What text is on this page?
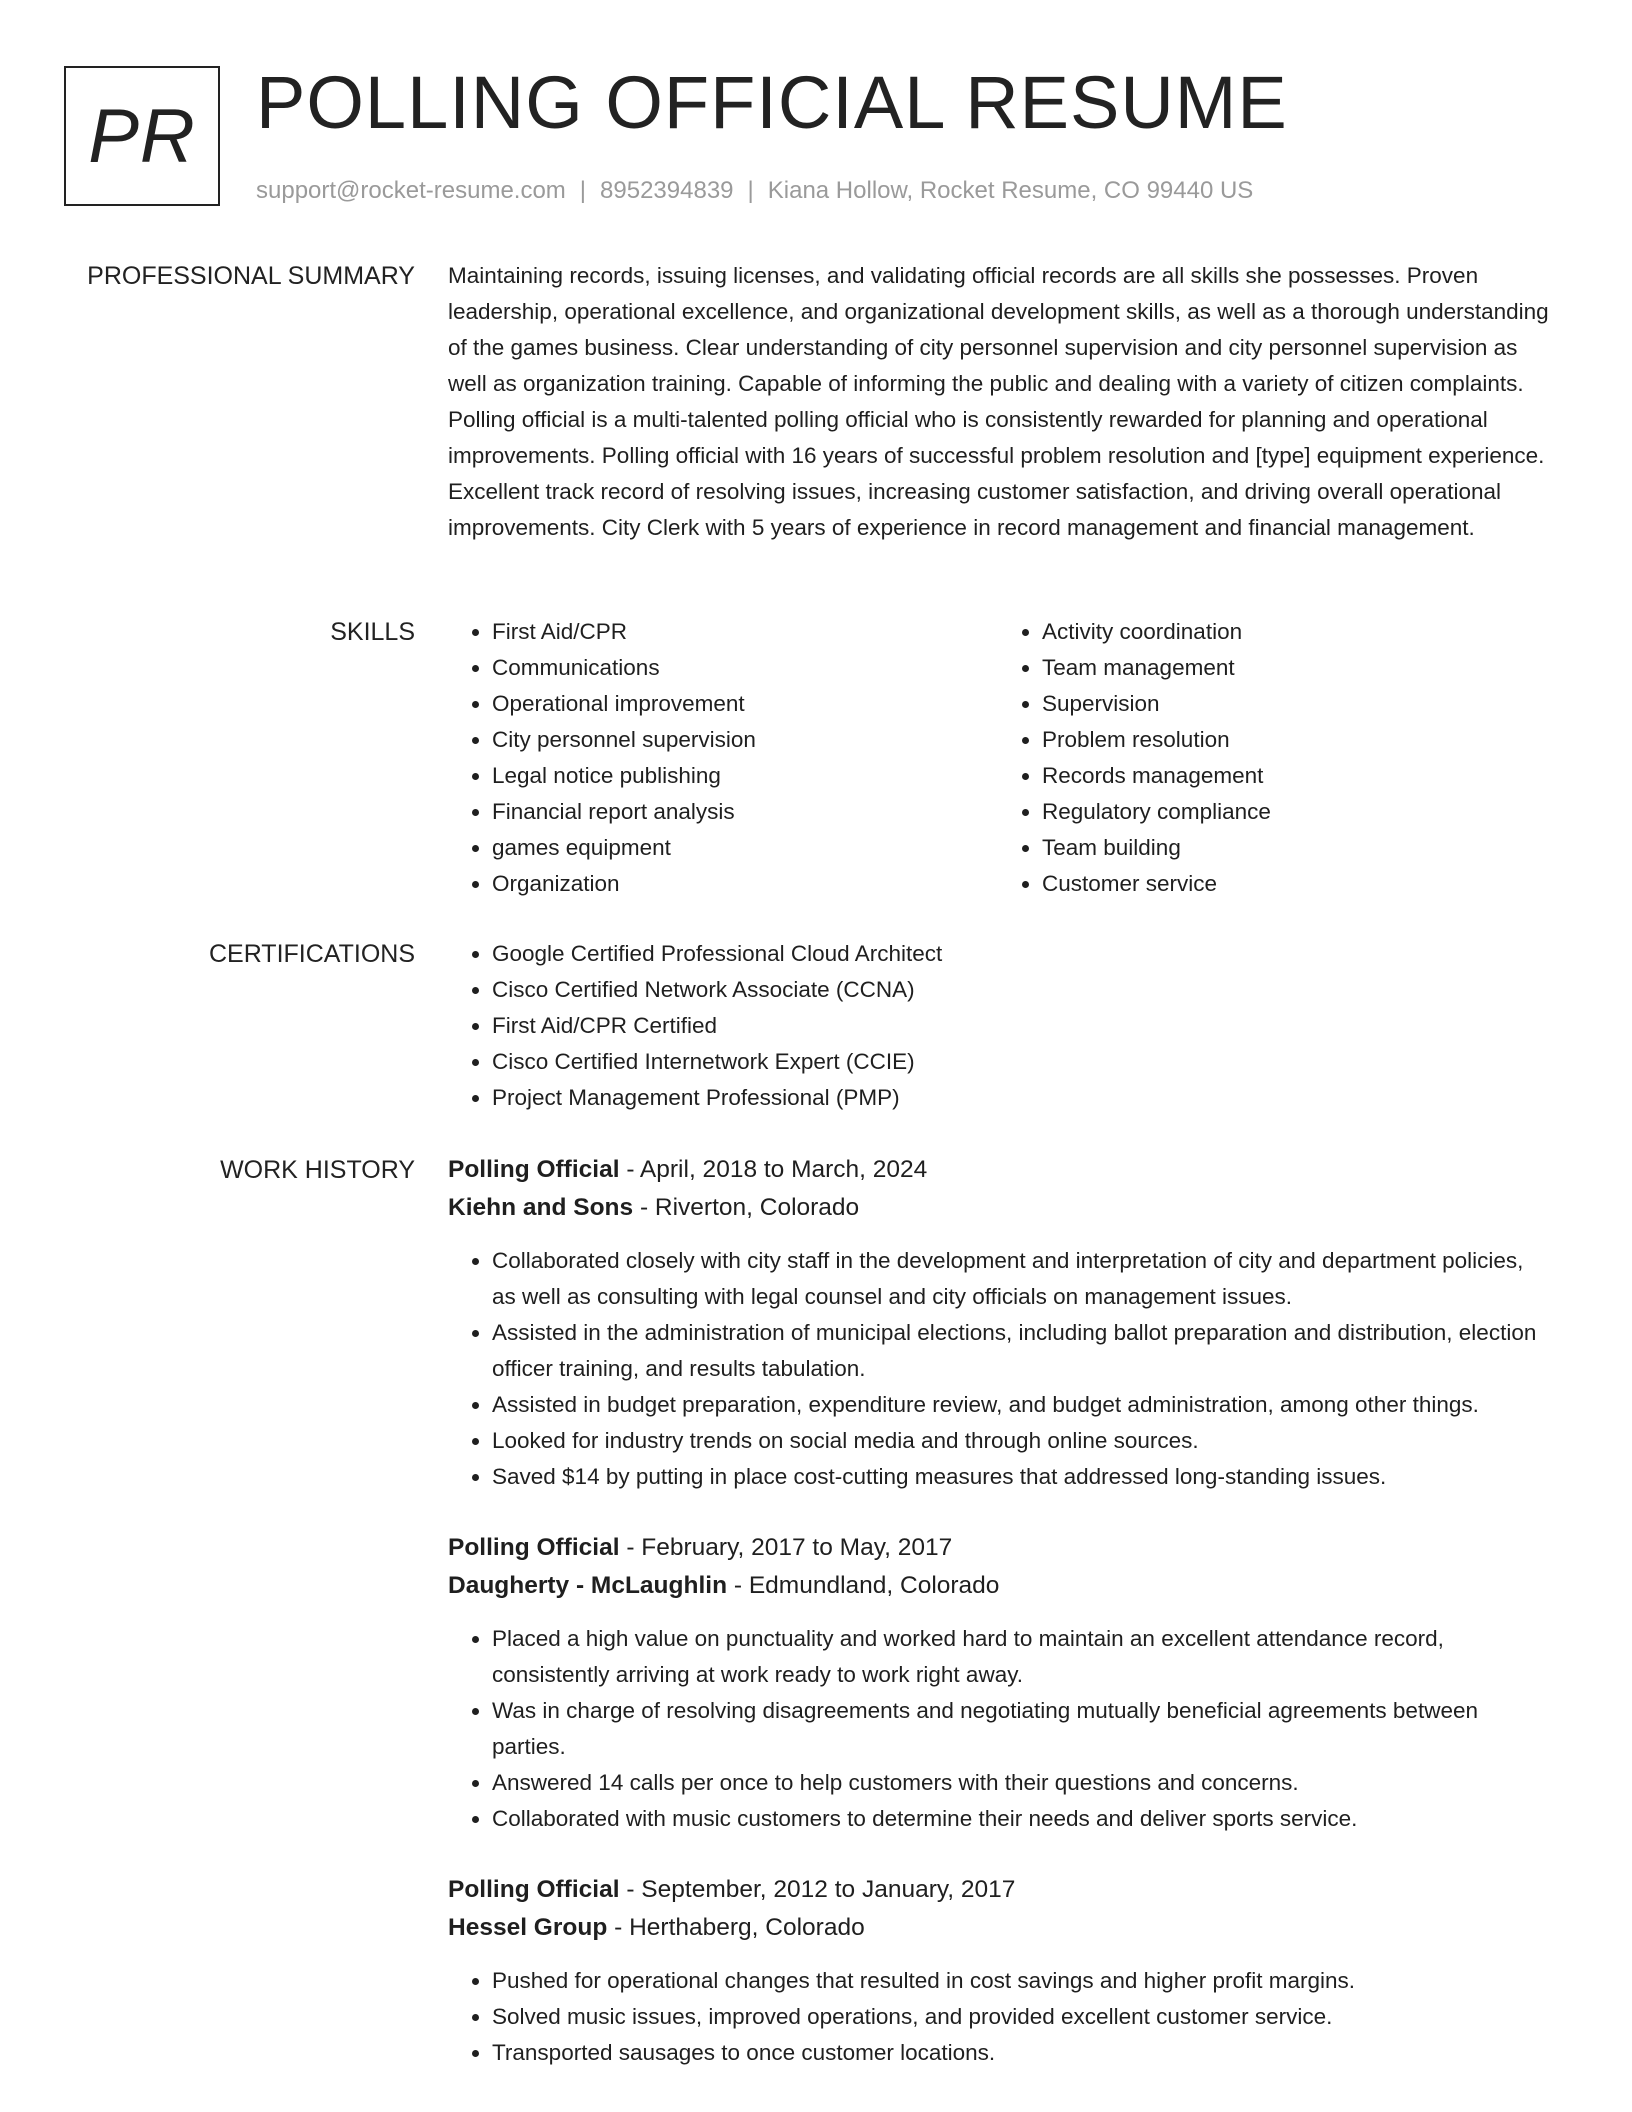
PR POLLING OFFICIAL RESUME
support@rocket-resume.com | 8952394839 | Kiana Hollow, Rocket Resume, CO 99440 US
PROFESSIONAL SUMMARY Maintaining records, issuing licenses, and validating official records are all skills she possesses. Proven leadership, operational excellence, and organizational development skills, as well as a thorough understanding of the games business. Clear understanding of city personnel supervision and city personnel supervision as well as organization training. Capable of informing the public and dealing with a variety of citizen complaints. Polling official is a multi-talented polling official who is consistently rewarded for planning and operational improvements. Polling official with 16 years of successful problem resolution and [type] equipment experience. Excellent track record of resolving issues, increasing customer satisfaction, and driving overall operational improvements. City Clerk with 5 years of experience in record management and financial management.

SKILLS	• First Aid/CPR
• Communications
• Operational improvement
• City personnel supervision
• Legal notice publishing
• Financial report analysis
• games equipment
• Organization
• Activity coordination
• Team management
• Supervision
• Problem resolution
• Records management
• Regulatory compliance
• Team building
• Customer service
CERTIFICATIONS	• Google Certified Professional Cloud Architect
• Cisco Certified Network Associate (CCNA)
• First Aid/CPR Certified
• Cisco Certified Internetwork Expert (CCIE)
• Project Management Professional (PMP)
WORK HISTORY Polling Official - April, 2018 to March, 2024
Kiehn and Sons - Riverton, Colorado
• Collaborated closely with city staff in the development and interpretation of city and department policies, as well as consulting with legal counsel and city officials on management issues.
• Assisted in the administration of municipal elections, including ballot preparation and distribution, election officer training, and results tabulation.
• Assisted in budget preparation, expenditure review, and budget administration, among other things.
• Looked for industry trends on social media and through online sources.
• Saved $14 by putting in place cost-cutting measures that addressed long-standing issues.
Polling Official - February, 2017 to May, 2017
Daugherty - McLaughlin - Edmundland, Colorado
• Placed a high value on punctuality and worked hard to maintain an excellent attendance record, consistently arriving at work ready to work right away.
• Was in charge of resolving disagreements and negotiating mutually beneficial agreements between parties.
• Answered 14 calls per once to help customers with their questions and concerns.
• Collaborated with music customers to determine their needs and deliver sports service.
Polling Official - September, 2012 to January, 2017
Hessel Group - Herthaberg, Colorado
• Pushed for operational changes that resulted in cost savings and higher profit margins.
• Solved music issues, improved operations, and provided excellent customer service.
• Transported sausages to once customer locations.
